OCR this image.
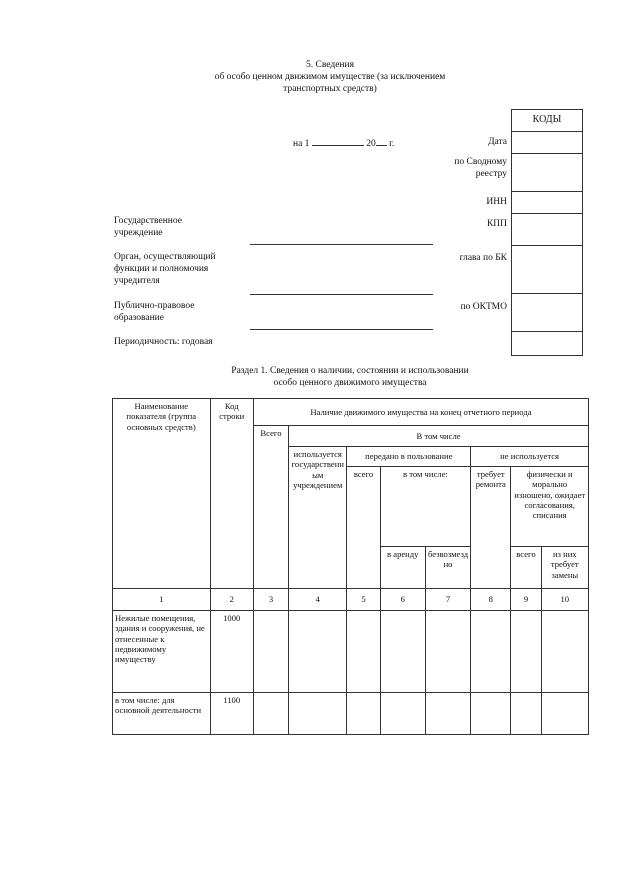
5. Сведения
об особо ценном движимом имуществе (за исключением
транспортных средств)
КОДЫ
на 1	20 г.	Дата
по Сводному
реестру
ИНН
КПП
глава по БК
по ОКТМО
Государственное
учреждение
Орган, осуществляющий
функции и полномочия
учредителя
Публично-правовое
образование
Периодичность: годовая
Раздел 1. Сведения о наличии, состоянии и использовании
особо ценного движимого имущества
Наименование показателя (группа основных средств)	Код строки	Наличие движимого имущества на конец отчетного периода							
		Всего	В том числе						
			используется государственным учреждением	передано в пользование			не используется		
				всего	в том числе:		требует ремонта	физически и морально изношено, ожидает согласования, списания	
					в аренду	безвозмездно		всего	из них требует замены
1	2	3	4	5	6	7	8	9	10
Нежилые помещения, здания и сооружения, не отнесенные к недвижимому имуществу	1000								
в том числе: для основной деятельности	1100								
